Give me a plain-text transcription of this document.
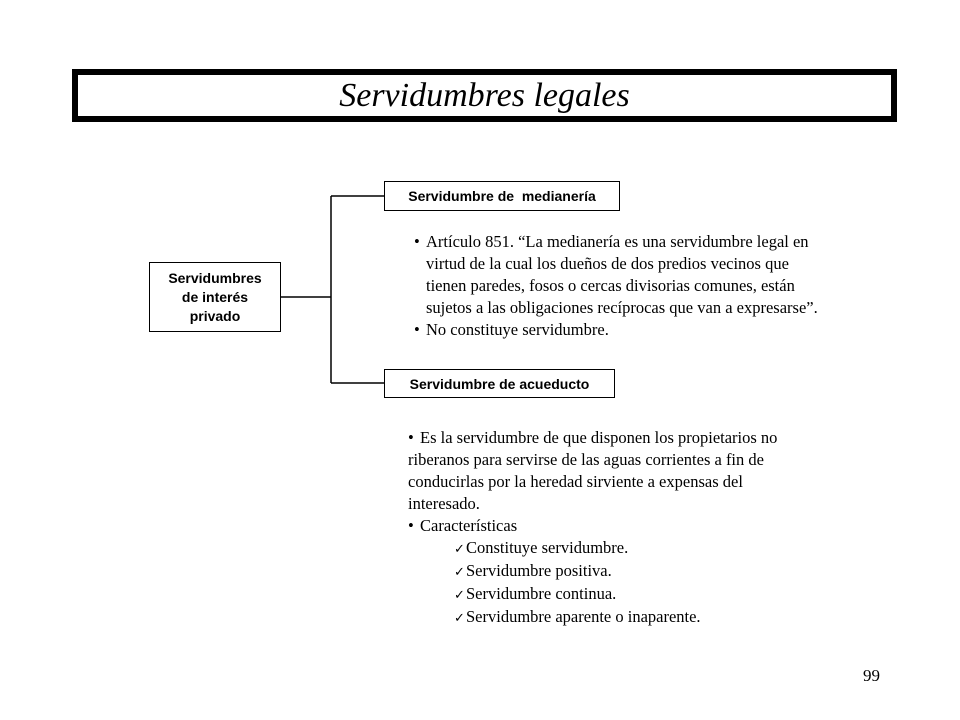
Servidumbres legales
Servidumbres
de interés
privado
Servidumbre de  medianería
Servidumbre de acueducto
• Artículo 851. “La medianería es una servidumbre legal en
virtud de la cual los dueños de dos predios vecinos que
tienen paredes, fosos o cercas divisorias comunes, están
sujetos a las obligaciones recíprocas que van a expresarse”.
• No constituye servidumbre.
• Es la servidumbre de que disponen los propietarios no
riberanos para servirse de las aguas corrientes a fin de
conducirlas por la heredad sirviente a expensas del
interesado.
• Características
✓Constituye servidumbre.
✓Servidumbre positiva.
✓Servidumbre continua.
✓Servidumbre aparente o inaparente.
99
